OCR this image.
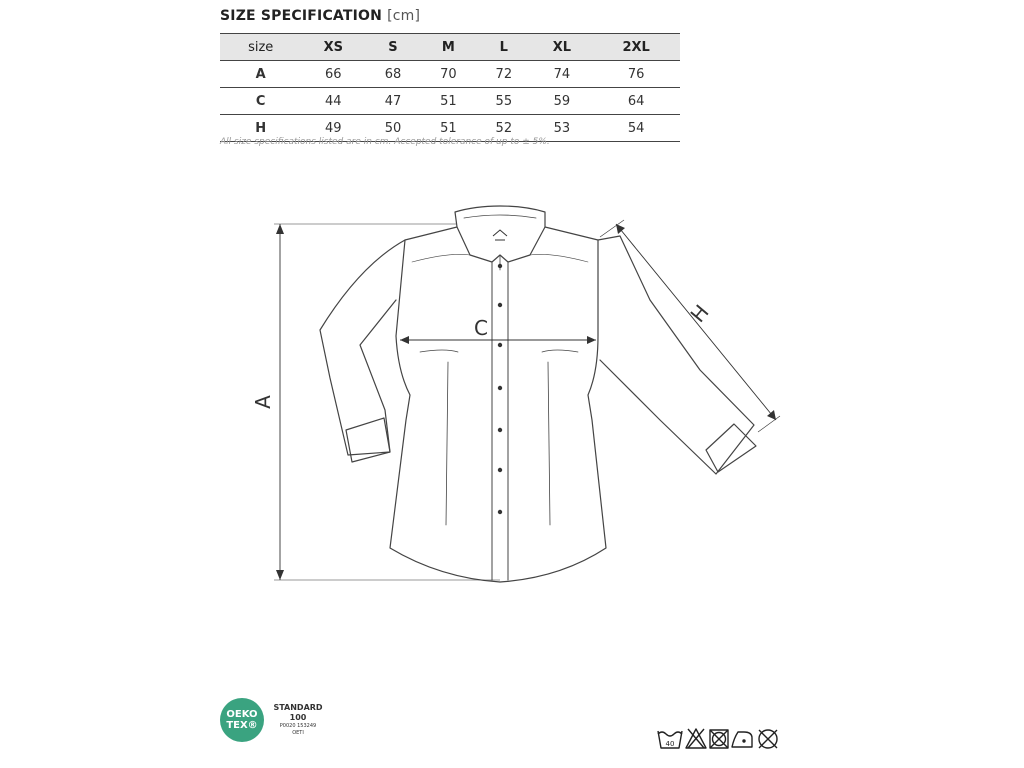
SIZE SPECIFICATION [cm]
size	XS	S	M	L	XL	2XL
A	66	68	70	72	74	76
C	44	47	51	55	59	64
H	49	50	51	52	53	54
All size specifications listed are in cm. Accepted tolerance of up to ± 5%.
A
C
H
OEKO
TEX®
STANDARD
100
P0020 153249
OETI
40
